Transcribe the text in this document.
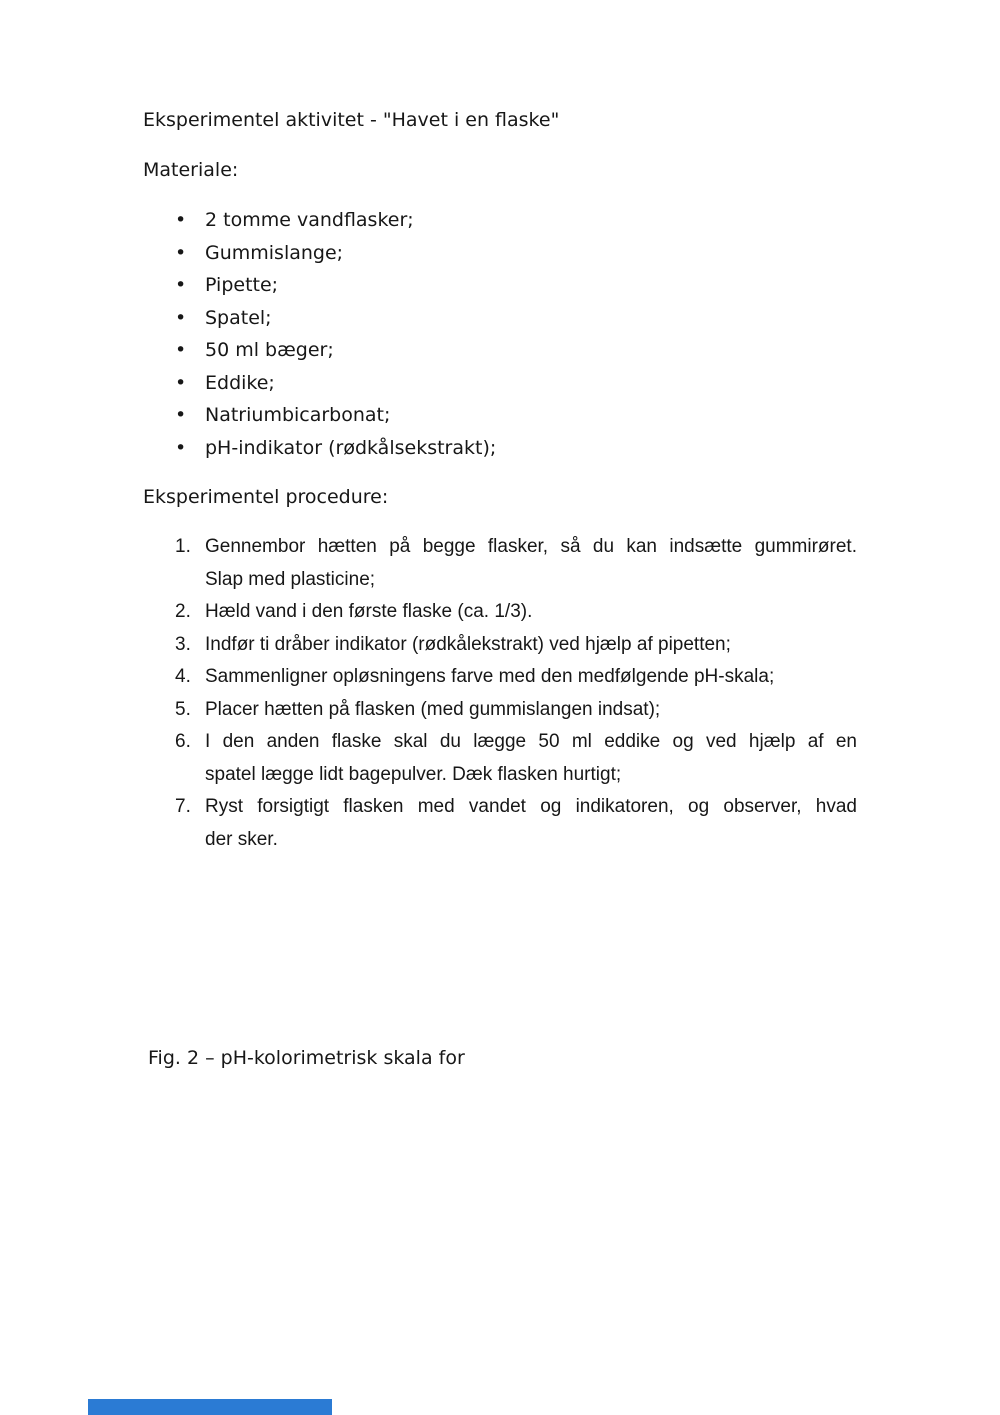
Eksperimentel aktivitet - "Havet i en flaske"
Materiale:
• 2 tomme vandflasker;
• Gummislange;
• Pipette;
• Spatel;
• 50 ml bæger;
• Eddike;
• Natriumbicarbonat;
• pH-indikator (rødkålsekstrakt);
Eksperimentel procedure:
1. Gennembor hætten på begge flasker, så du kan indsætte gummirøret.
Slap med plasticine;
2. Hæld vand i den første flaske (ca. 1/3).
3. Indfør ti dråber indikator (rødkålekstrakt) ved hjælp af pipetten;
4. Sammenligner opløsningens farve med den medfølgende pH-skala;
5. Placer hætten på flasken (med gummislangen indsat);
6. I den anden flaske skal du lægge 50 ml eddike og ved hjælp af en
spatel lægge lidt bagepulver. Dæk flasken hurtigt;
7. Ryst forsigtigt flasken med vandet og indikatoren, og observer, hvad
der sker.
Fig. 2 – pH-kolorimetrisk skala for
